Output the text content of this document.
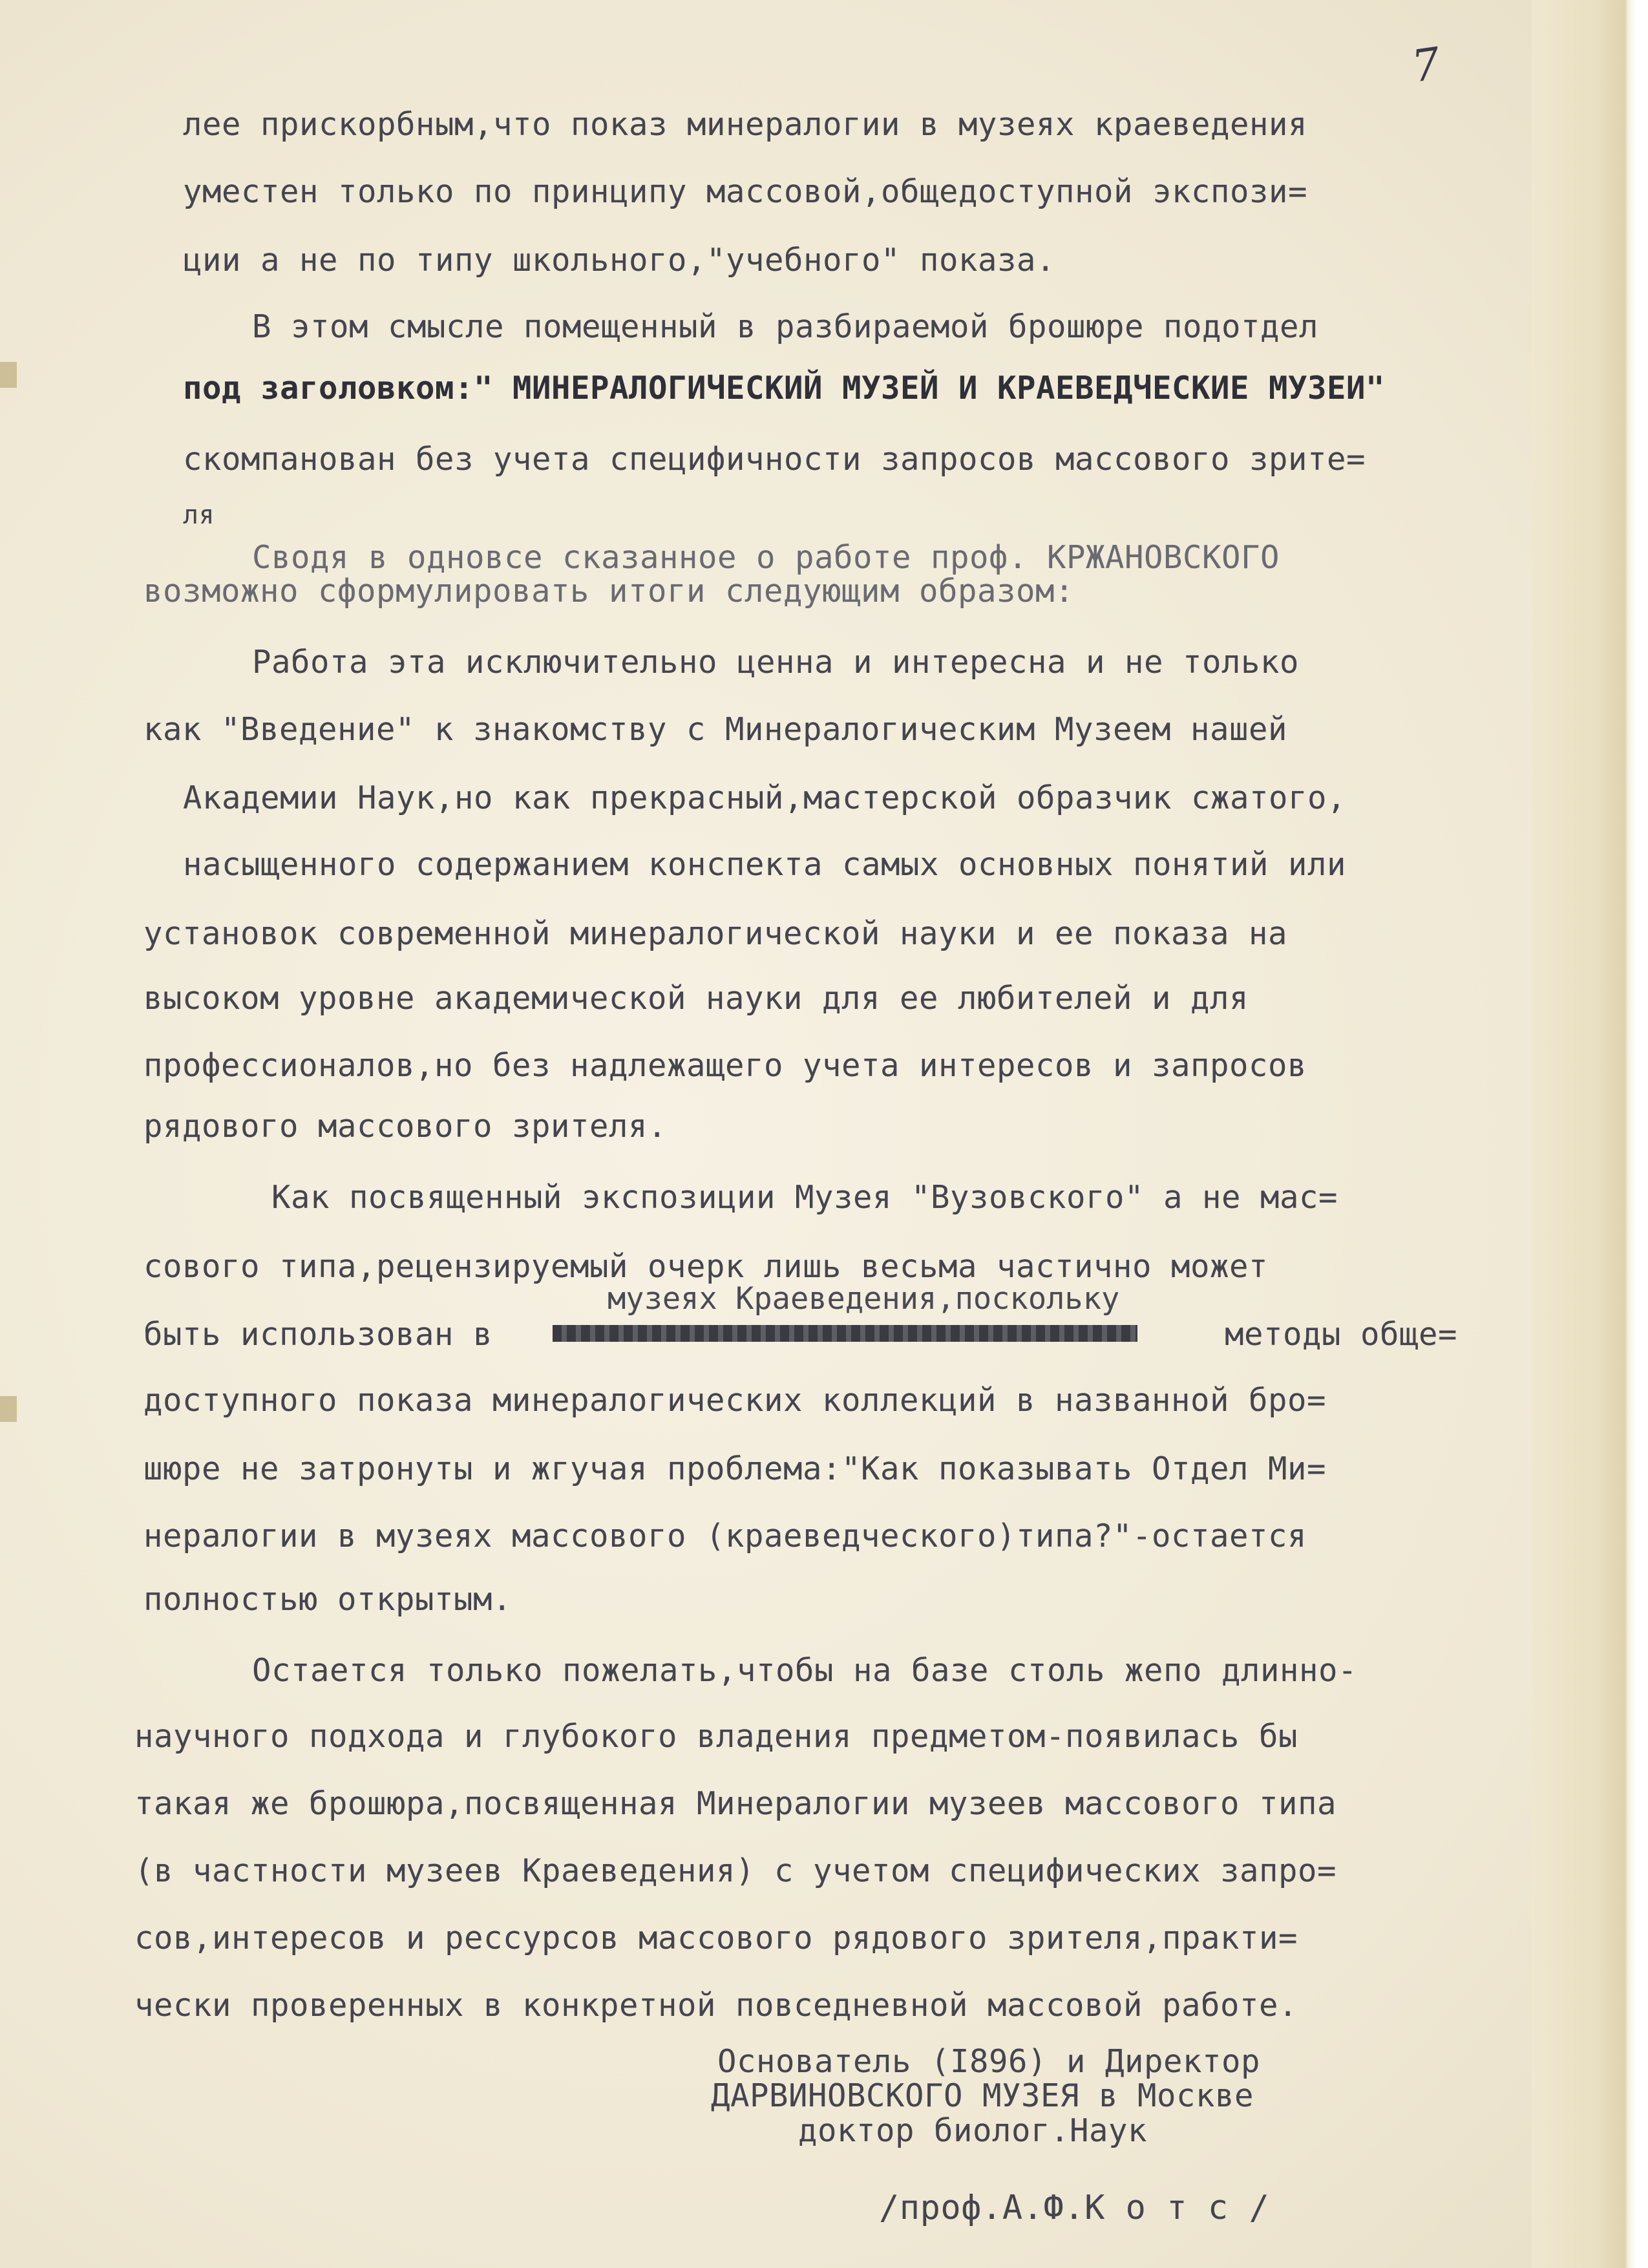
7
лее прискорбным,что показ минералогии в музеях краеведения
уместен только по принципу массовой,общедоступной экспози=
ции а не по типу школьного,"учебного" показа.
В этом смысле помещенный в разбираемой брошюре подотдел
под заголовком:" МИНЕРАЛОГИЧЕСКИЙ МУЗЕЙ И КРАЕВЕДЧЕСКИЕ МУЗЕИ"
скомпанован без учета специфичности запросов массового зрите=
ля
Сводя в одновсе сказанное о работе проф. КРЖАНОВСКОГО
возможно сформулировать итоги следующим образом:
Работа эта исключительно ценна и интересна и не только
как "Введение" к знакомству с Минералогическим Музеем нашей
Академии Наук,но как прекрасный,мастерской образчик сжатого,
насыщенного содержанием конспекта самых основных понятий или
установок современной минералогической науки и ее показа на
высоком уровне академической науки для ее любителей и для
профессионалов,но без надлежащего учета интересов и запросов
рядового массового зрителя.
Как посвященный экспозиции Музея "Вузовского" а не мас=
сового типа,рецензируемый очерк лишь весьма частично может
музеях Краеведения,поскольку
быть использован в	методы обще=
доступного показа минералогических коллекций в названной бро=
шюре не затронуты и жгучая проблема:"Как показывать Отдел Ми=
нералогии в музеях массового (краеведческого)типа?"-остается
полностью открытым.
Остается только пожелать,чтобы на базе столь жепо длинно-
научного подхода и глубокого владения предметом-появилась бы
такая же брошюра,посвященная Минералогии музеев массового типа
(в частности музеев Краеведения) с учетом специфических запро=
сов,интересов и рессурсов массового рядового зрителя,практи=
чески проверенных в конкретной повседневной массовой работе.
Основатель (I896) и Директор
ДАРВИНОВСКОГО МУЗЕЯ в Москве
доктор биолог.Наук
/проф.А.Ф.К о т с /
